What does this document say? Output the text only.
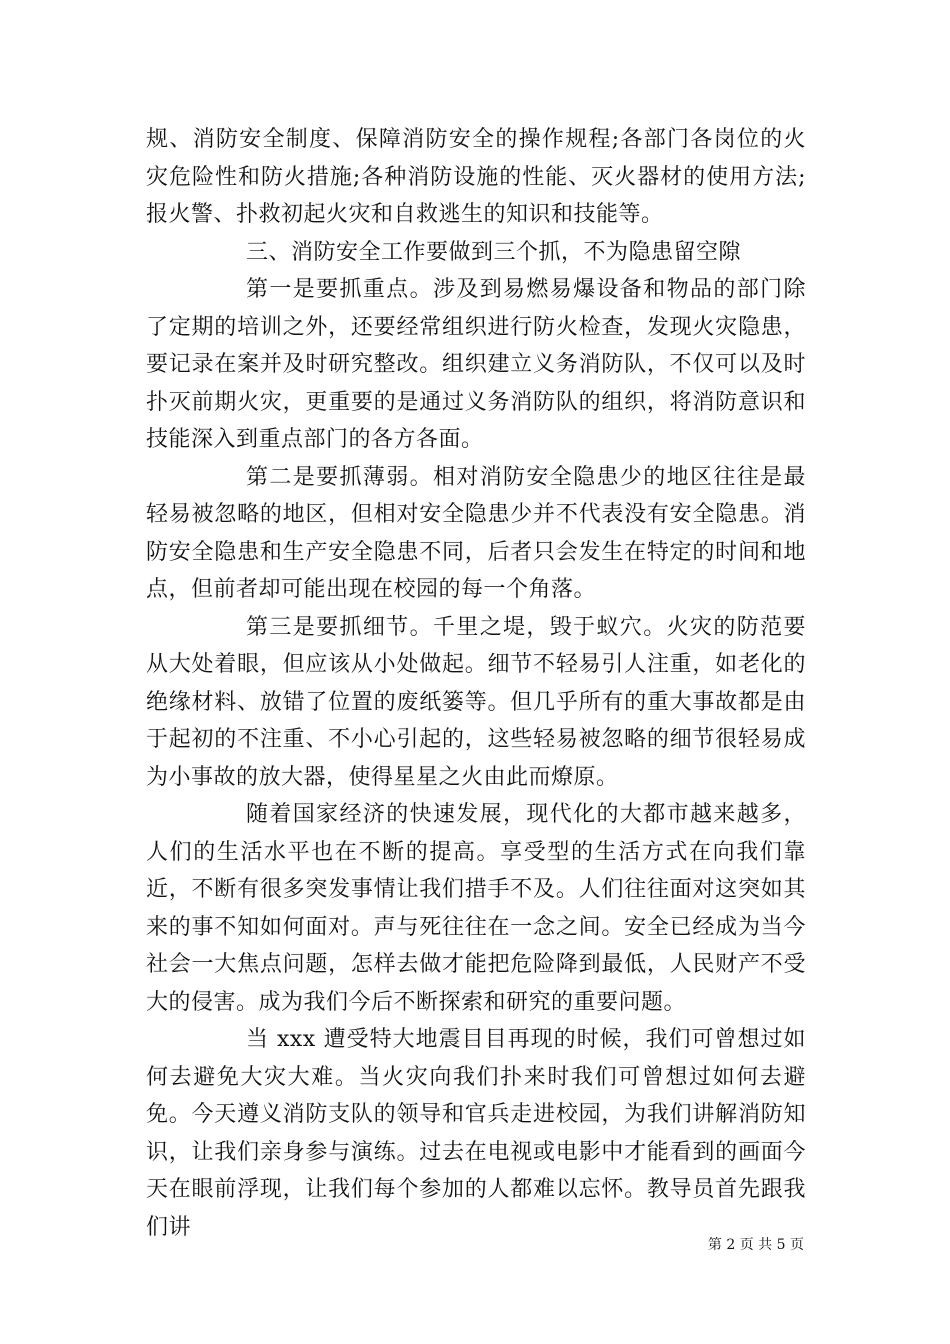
规、消防安全制度、保障消防安全的操作规程;各部门各岗位的火灾危险性和防火措施;各种消防设施的性能、灭火器材的使用方法;报火警、扑救初起火灾和自救逃生的知识和技能等。

三、消防安全工作要做到三个抓，不为隐患留空隙

第一是要抓重点。涉及到易燃易爆设备和物品的部门除了定期的培训之外，还要经常组织进行防火检查，发现火灾隐患，要记录在案并及时研究整改。组织建立义务消防队，不仅可以及时扑灭前期火灾，更重要的是通过义务消防队的组织，将消防意识和技能深入到重点部门的各方各面。

第二是要抓薄弱。相对消防安全隐患少的地区往往是最轻易被忽略的地区，但相对安全隐患少并不代表没有安全隐患。消防安全隐患和生产安全隐患不同，后者只会发生在特定的时间和地点，但前者却可能出现在校园的每一个角落。

第三是要抓细节。千里之堤，毁于蚁穴。火灾的防范要从大处着眼，但应该从小处做起。细节不轻易引人注重，如老化的绝缘材料、放错了位置的废纸篓等。但几乎所有的重大事故都是由于起初的不注重、不小心引起的，这些轻易被忽略的细节很轻易成为小事故的放大器，使得星星之火由此而燎原。

随着国家经济的快速发展，现代化的大都市越来越多，人们的生活水平也在不断的提高。享受型的生活方式在向我们靠近，不断有很多突发事情让我们措手不及。人们往往面对这突如其来的事不知如何面对。声与死往往在一念之间。安全已经成为当今社会一大焦点问题，怎样去做才能把危险降到最低，人民财产不受大的侵害。成为我们今后不断探索和研究的重要问题。

当 xxx 遭受特大地震目目再现的时候，我们可曾想过如何去避免大灾大难。当火灾向我们扑来时我们可曾想过如何去避免。今天遵义消防支队的领导和官兵走进校园，为我们讲解消防知识，让我们亲身参与演练。过去在电视或电影中才能看到的画面今天在眼前浮现，让我们每个参加的人都难以忘怀。教导员首先跟我们讲

第 2 页 共 5 页
